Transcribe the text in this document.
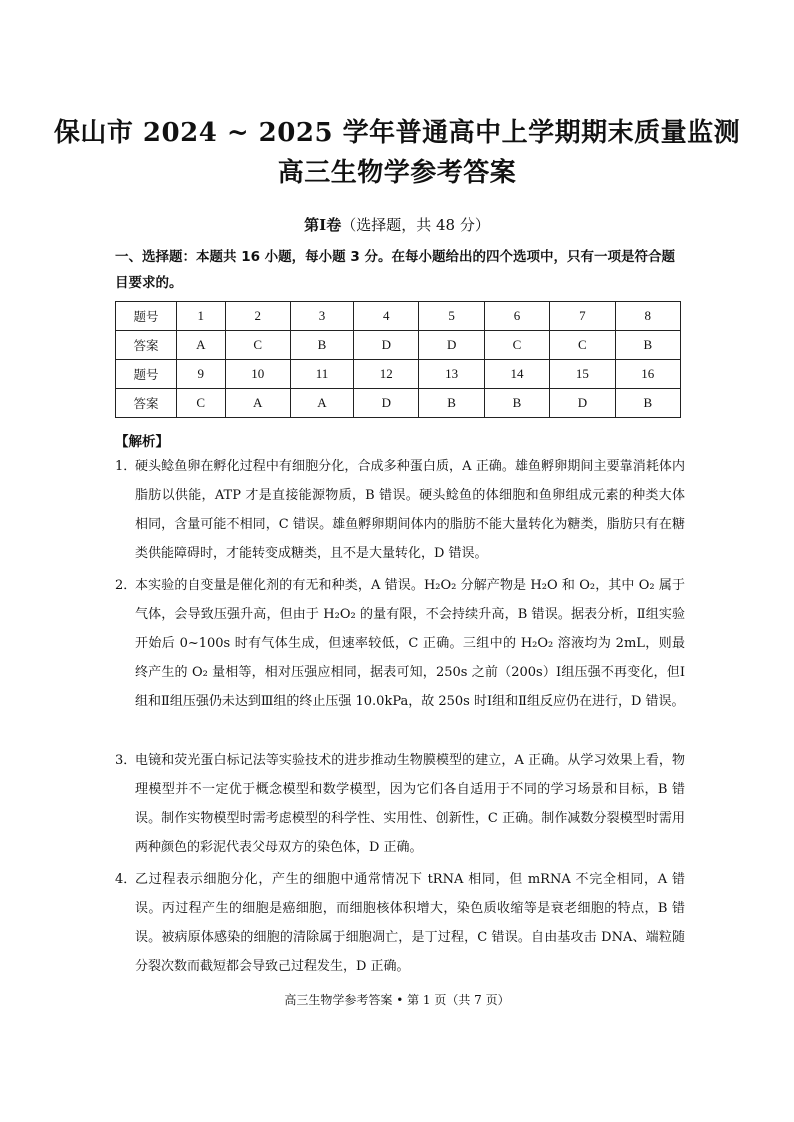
保山市 2024 ~ 2025 学年普通高中上学期期末质量监测
高三生物学参考答案
第Ⅰ卷（选择题，共 48 分）
一、选择题：本题共 16 小题，每小题 3 分。在每小题给出的四个选项中，只有一项是符合题目要求的。
题号	1	2	3	4	5	6	7	8
答案	A	C	B	D	D	C	C	B
题号	9	10	11	12	13	14	15	16
答案	C	A	A	D	B	B	D	B
【解析】
1．
硬头鲶鱼卵在孵化过程中有细胞分化，合成多种蛋白质，A 正确。雄鱼孵卵期间主要靠消耗体内脂肪以供能，ATP 才是直接能源物质，B 错误。硬头鲶鱼的体细胞和鱼卵组成元素的种类大体相同，含量可能不相同，C 错误。雄鱼孵卵期间体内的脂肪不能大量转化为糖类，脂肪只有在糖类供能障碍时，才能转变成糖类，且不是大量转化，D 错误。
2．
本实验的自变量是催化剂的有无和种类，A 错误。H₂O₂ 分解产物是 H₂O 和 O₂，其中 O₂ 属于气体，会导致压强升高，但由于 H₂O₂ 的量有限，不会持续升高，B 错误。据表分析，Ⅱ组实验开始后 0~100s 时有气体生成，但速率较低，C 正确。三组中的 H₂O₂ 溶液均为 2mL，则最终产生的 O₂ 量相等，相对压强应相同，据表可知，250s 之前（200s）Ⅰ组压强不再变化，但Ⅰ组和Ⅱ组压强仍未达到Ⅲ组的终止压强 10.0kPa，故 250s 时Ⅰ组和Ⅱ组反应仍在进行，D 错误。
3．
电镜和荧光蛋白标记法等实验技术的进步推动生物膜模型的建立，A 正确。从学习效果上看，物理模型并不一定优于概念模型和数学模型，因为它们各自适用于不同的学习场景和目标，B 错误。制作实物模型时需考虑模型的科学性、实用性、创新性，C 正确。制作减数分裂模型时需用两种颜色的彩泥代表父母双方的染色体，D 正确。
4．
乙过程表示细胞分化，产生的细胞中通常情况下 tRNA 相同，但 mRNA 不完全相同，A 错误。丙过程产生的细胞是癌细胞，而细胞核体积增大，染色质收缩等是衰老细胞的特点，B 错误。被病原体感染的细胞的清除属于细胞凋亡，是丁过程，C 错误。自由基攻击 DNA、端粒随分裂次数而截短都会导致己过程发生，D 正确。
高三生物学参考答案 • 第 1 页（共 7 页）
